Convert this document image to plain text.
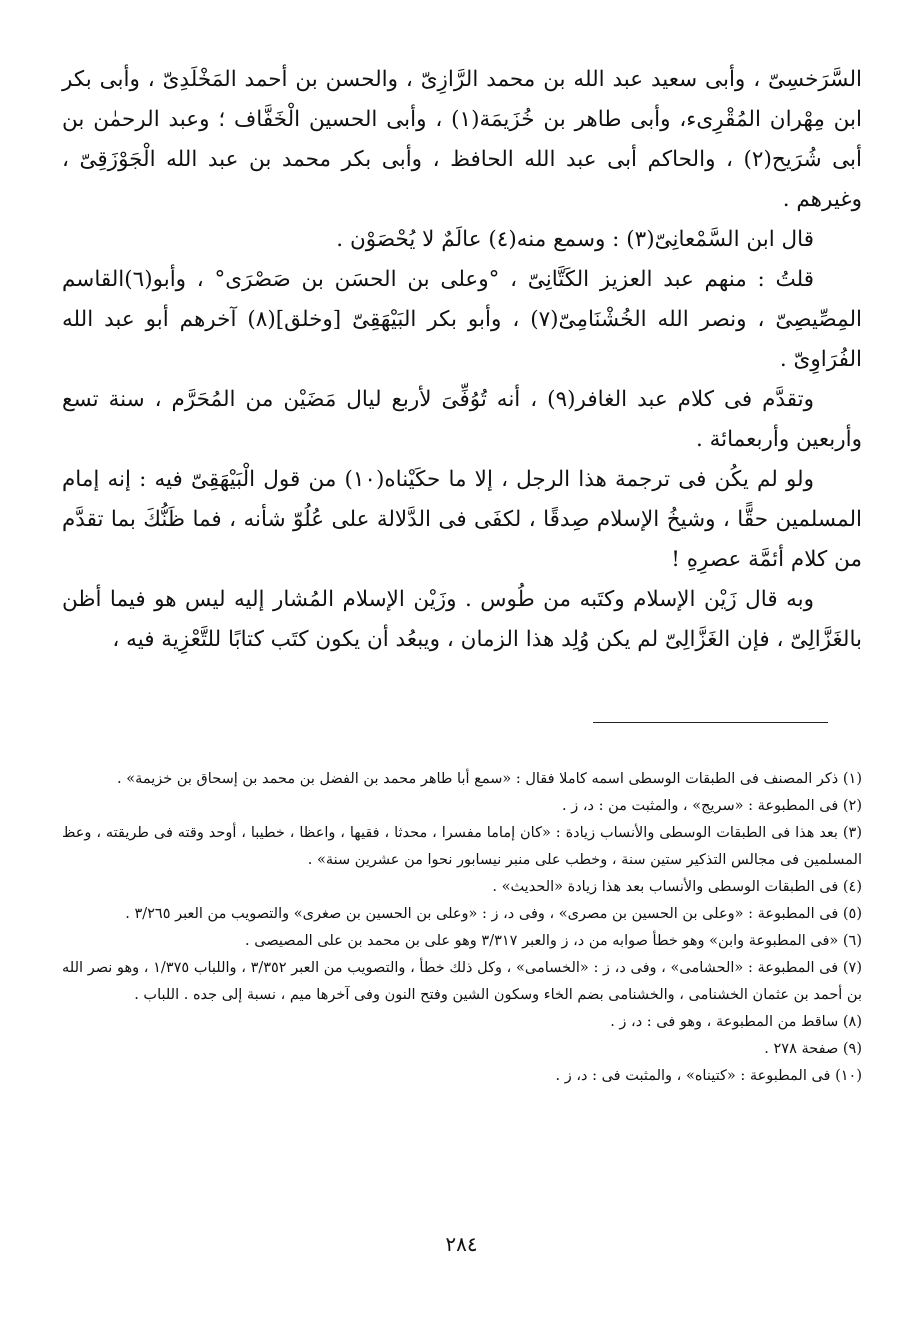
السَّرَخسِىّ ، وأبى سعيد عبد الله بن محمد الرَّازِىّ ، والحسن بن أحمد المَخْلَدِىّ ، وأبى بكر ابن مِهْران المُقْرِىء، وأبى طاهر بن خُزَيمَة(١) ، وأبى الحسين الْخَفَّاف ؛ وعبد الرحمٰن بن أبى شُرَيح(٢) ، والحاكم أبى عبد الله الحافظ ، وأبى بكر محمد بن عبد الله الْجَوْزَقِىّ ، وغيرهم .

قال ابن السَّمْعانِىّ(٣) : وسمع منه(٤) عالَمٌ لا يُحْصَوْن .

قلتُ : منهم عبد العزيز الكَتَّانِىّ ، °وعلى بن الحسَن بن صَصْرَى° ، وأبو(٦)القاسم المِصِّيصِىّ ، ونصر الله الخُشْنَامِىّ(٧) ، وأبو بكر البَيْهَقِىّ [وخلق](٨) آخرهم أبو عبد الله الفُرَاوِىّ .

وتقدَّم فى كلام عبد الغافر(٩) ، أنه تُوُفِّىَ لأربع ليال مَضَيْن من المُحَرَّم ، سنة تسع وأربعين وأربعمائة .

ولو لم يكُن فى ترجمة هذا الرجل ، إلا ما حكَيْناه(١٠) من قول الْبَيْهَقِىّ فيه : إنه إمام المسلمين حقًّا ، وشيخُ الإسلام صِدقًا ، لكفَى فى الدَّلالة على عُلُوّ شأنه ، فما ظَنُّكَ بما تقدَّم من كلام أئمَّة عصرِهِ !

وبه قال زَيْن الإسلام وكتَبه من طُوس . وزَيْن الإسلام المُشار إليه ليس هو فيما أظن بالغَزَّالِىّ ، فإن الغَزَّالِىّ لم يكن وُلِد هذا الزمان ، ويبعُد أن يكون كتَب كتابًا للتَّعْزِية فيه ،

(١) ذكر المصنف فى الطبقات الوسطى اسمه كاملا فقال : «سمع أبا طاهر محمد بن الفضل بن محمد بن إسحاق بن خزيمة» .

(٢) فى المطبوعة : «سريج» ، والمثبت من : د، ز .

(٣) بعد هذا فى الطبقات الوسطى والأنساب زيادة : «كان إماما مفسرا ، محدثا ، فقيها ، واعظا ، خطيبا ، أوحد وقته فى طريقته ، وعظ المسلمين فى مجالس التذكير ستين سنة ، وخطب على منبر نيسابور نحوا من عشرين سنة» .

(٤) فى الطبقات الوسطى والأنساب بعد هذا زيادة «الحديث» .

(٥) فى المطبوعة : «وعلى بن الحسين بن مصرى» ، وفى د، ز : «وعلى بن الحسين بن صغرى» والتصويب من العبر ٣/٢٦٥ .

(٦) «فى المطبوعة وابن» وهو خطأ صوابه من د، ز والعبر ٣/٣١٧ وهو على بن محمد بن على المصيصى .

(٧) فى المطبوعة : «الحشامى» ، وفى د، ز : «الخسامى» ، وكل ذلك خطأ ، والتصويب من العبر ٣/٣٥٢ ، واللباب ١/٣٧٥ ، وهو نصر الله بن أحمد بن عثمان الخشنامى ، والخشنامى بضم الخاء وسكون الشين وفتح النون وفى آخرها ميم ، نسبة إلى جده . اللباب .

(٨) ساقط من المطبوعة ، وهو فى : د، ز .

(٩) صفحة ٢٧٨ .

(١٠) فى المطبوعة : «كتيناه» ، والمثبت فى : د، ز .

٢٨٤
